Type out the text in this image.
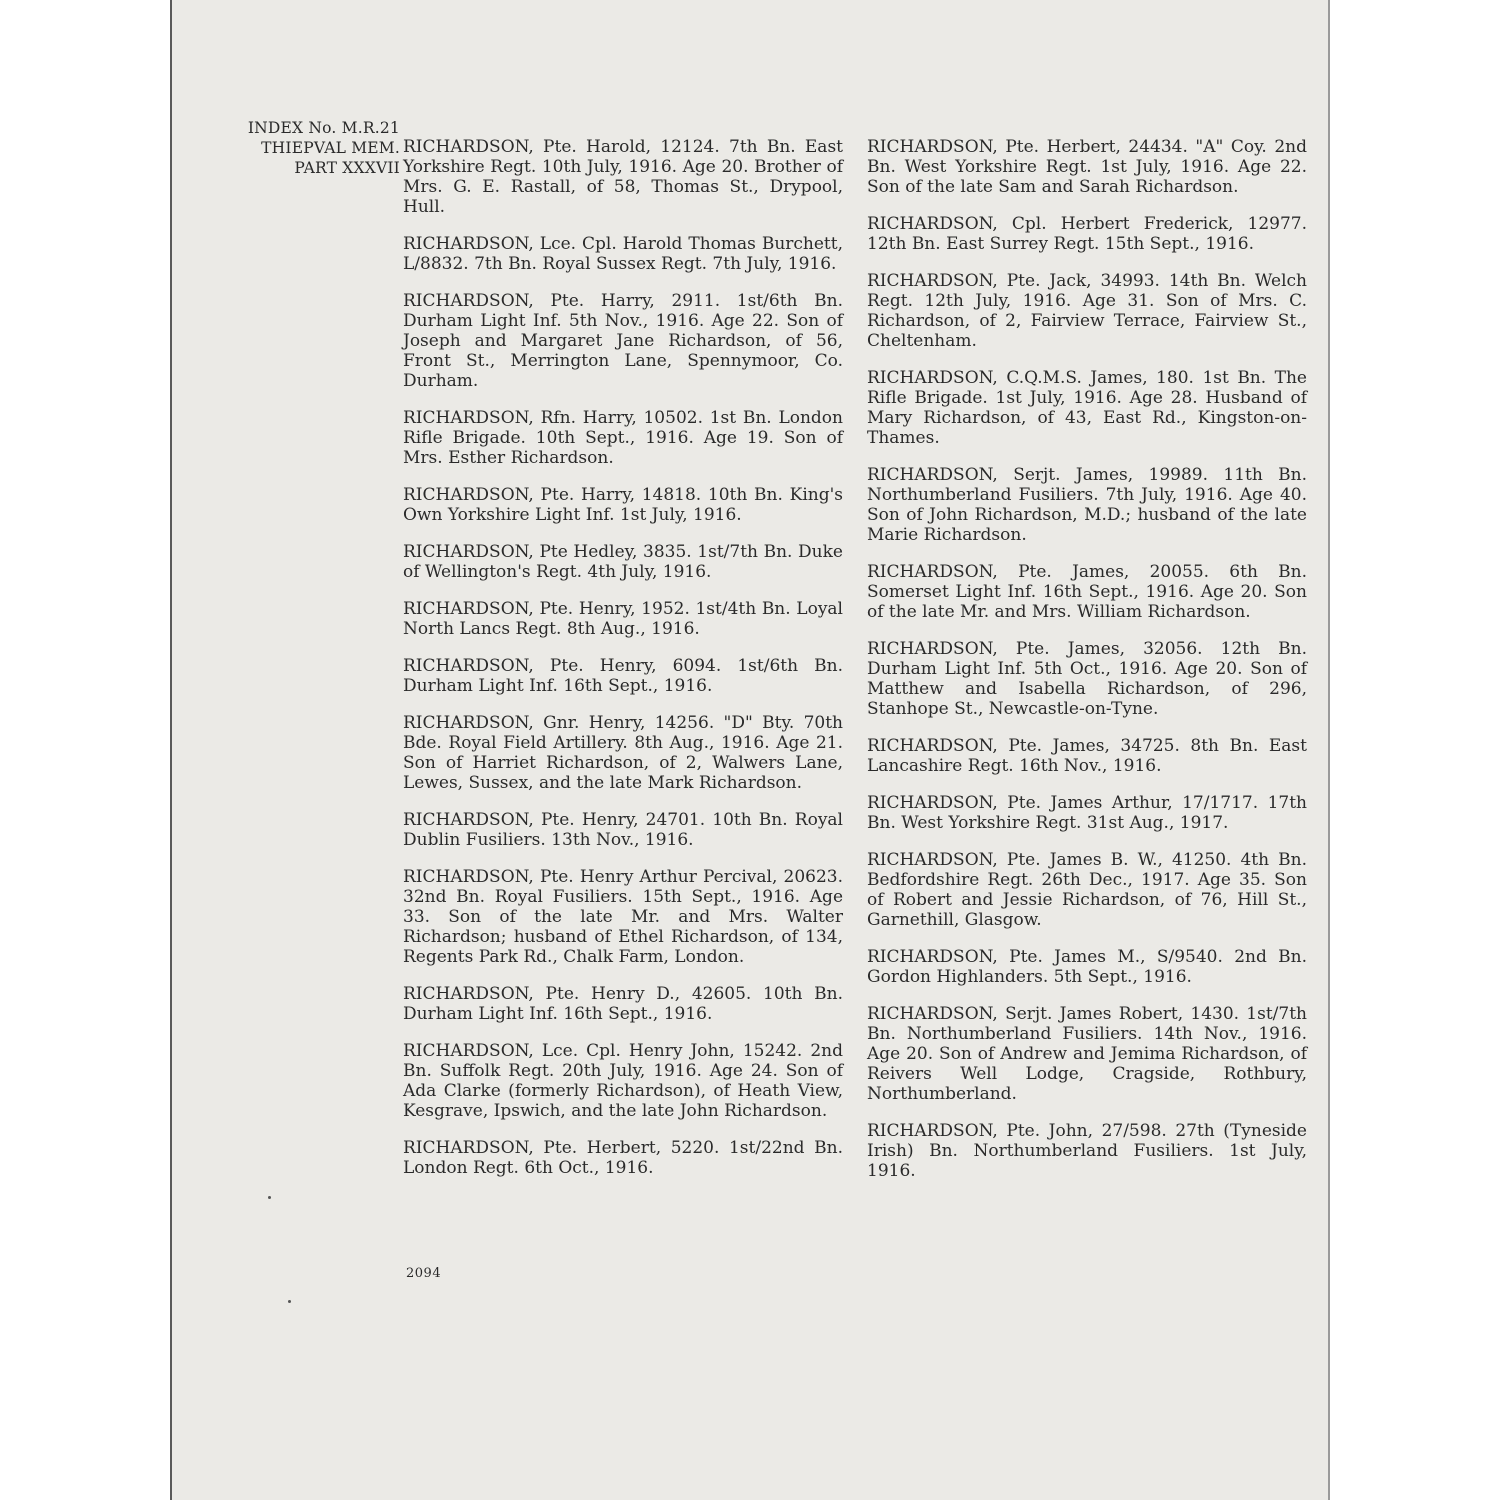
INDEX No. M.R.21
THIEPVAL MEM.
PART XXXVII

RICHARDSON, Pte. Harold, 12124. 7th Bn. East Yorkshire Regt. 10th July, 1916. Age 20. Brother of Mrs. G. E. Rastall, of 58, Thomas St., Drypool, Hull.

RICHARDSON, Lce. Cpl. Harold Thomas Burchett, L/8832. 7th Bn. Royal Sussex Regt. 7th July, 1916.

RICHARDSON, Pte. Harry, 2911. 1st/6th Bn. Durham Light Inf. 5th Nov., 1916. Age 22. Son of Joseph and Margaret Jane Richardson, of 56, Front St., Merrington Lane, Spennymoor, Co. Durham.

RICHARDSON, Rfn. Harry, 10502. 1st Bn. London Rifle Brigade. 10th Sept., 1916. Age 19. Son of Mrs. Esther Richardson.

RICHARDSON, Pte. Harry, 14818. 10th Bn. King's Own Yorkshire Light Inf. 1st July, 1916.

RICHARDSON, Pte Hedley, 3835. 1st/7th Bn. Duke of Wellington's Regt. 4th July, 1916.

RICHARDSON, Pte. Henry, 1952. 1st/4th Bn. Loyal North Lancs Regt. 8th Aug., 1916.

RICHARDSON, Pte. Henry, 6094. 1st/6th Bn. Durham Light Inf. 16th Sept., 1916.

RICHARDSON, Gnr. Henry, 14256. "D" Bty. 70th Bde. Royal Field Artillery. 8th Aug., 1916. Age 21. Son of Harriet Richardson, of 2, Walwers Lane, Lewes, Sussex, and the late Mark Richardson.

RICHARDSON, Pte. Henry, 24701. 10th Bn. Royal Dublin Fusiliers. 13th Nov., 1916.

RICHARDSON, Pte. Henry Arthur Percival, 20623. 32nd Bn. Royal Fusiliers. 15th Sept., 1916. Age 33. Son of the late Mr. and Mrs. Walter Richardson; husband of Ethel Richardson, of 134, Regents Park Rd., Chalk Farm, London.

RICHARDSON, Pte. Henry D., 42605. 10th Bn. Durham Light Inf. 16th Sept., 1916.

RICHARDSON, Lce. Cpl. Henry John, 15242. 2nd Bn. Suffolk Regt. 20th July, 1916. Age 24. Son of Ada Clarke (formerly Richardson), of Heath View, Kesgrave, Ipswich, and the late John Richardson.

RICHARDSON, Pte. Herbert, 5220. 1st/22nd Bn. London Regt. 6th Oct., 1916.

RICHARDSON, Pte. Herbert, 24434. "A" Coy. 2nd Bn. West Yorkshire Regt. 1st July, 1916. Age 22. Son of the late Sam and Sarah Richardson.

RICHARDSON, Cpl. Herbert Frederick, 12977. 12th Bn. East Surrey Regt. 15th Sept., 1916.

RICHARDSON, Pte. Jack, 34993. 14th Bn. Welch Regt. 12th July, 1916. Age 31. Son of Mrs. C. Richardson, of 2, Fairview Terrace, Fairview St., Cheltenham.

RICHARDSON, C.Q.M.S. James, 180. 1st Bn. The Rifle Brigade. 1st July, 1916. Age 28. Husband of Mary Richardson, of 43, East Rd., Kingston-on-Thames.

RICHARDSON, Serjt. James, 19989. 11th Bn. Northumberland Fusiliers. 7th July, 1916. Age 40. Son of John Richardson, M.D.; husband of the late Marie Richardson.

RICHARDSON, Pte. James, 20055. 6th Bn. Somerset Light Inf. 16th Sept., 1916. Age 20. Son of the late Mr. and Mrs. William Richardson.

RICHARDSON, Pte. James, 32056. 12th Bn. Durham Light Inf. 5th Oct., 1916. Age 20. Son of Matthew and Isabella Richardson, of 296, Stanhope St., Newcastle-on-Tyne.

RICHARDSON, Pte. James, 34725. 8th Bn. East Lancashire Regt. 16th Nov., 1916.

RICHARDSON, Pte. James Arthur, 17/1717. 17th Bn. West Yorkshire Regt. 31st Aug., 1917.

RICHARDSON, Pte. James B. W., 41250. 4th Bn. Bedfordshire Regt. 26th Dec., 1917. Age 35. Son of Robert and Jessie Richardson, of 76, Hill St., Garnethill, Glasgow.

RICHARDSON, Pte. James M., S/9540. 2nd Bn. Gordon Highlanders. 5th Sept., 1916.

RICHARDSON, Serjt. James Robert, 1430. 1st/7th Bn. Northumberland Fusiliers. 14th Nov., 1916. Age 20. Son of Andrew and Jemima Richardson, of Reivers Well Lodge, Cragside, Rothbury, Northumberland.

RICHARDSON, Pte. John, 27/598. 27th (Tyneside Irish) Bn. Northumberland Fusiliers. 1st July, 1916.

2094
